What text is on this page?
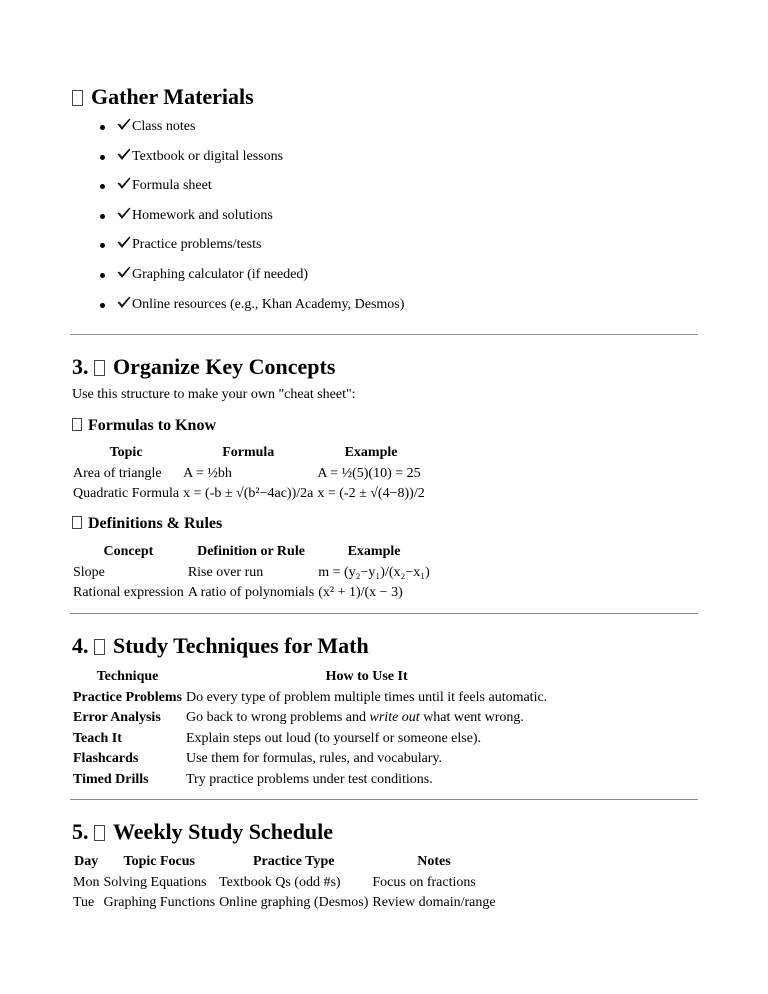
Gather Materials
Class notes
Textbook or digital lessons
Formula sheet
Homework and solutions
Practice problems/tests
Graphing calculator (if needed)
Online resources (e.g., Khan Academy, Desmos)
3. Organize Key Concepts
Use this structure to make your own "cheat sheet":
Formulas to Know
Topic	Formula	Example
Area of triangle	A = ½bh	A = ½(5)(10) = 25
Quadratic Formula	x = (-b ± √(b²−4ac))/2a	x = (-2 ± √(4−8))/2
Definitions & Rules
Concept	Definition or Rule	Example
Slope	Rise over run	m = (y₂−y₁)/(x₂−x₁)
Rational expression	A ratio of polynomials	(x² + 1)/(x − 3)
4. Study Techniques for Math
Technique	How to Use It
Practice Problems	Do every type of problem multiple times until it feels automatic.
Error Analysis	Go back to wrong problems and write out what went wrong.
Teach It	Explain steps out loud (to yourself or someone else).
Flashcards	Use them for formulas, rules, and vocabulary.
Timed Drills	Try practice problems under test conditions.
5. Weekly Study Schedule
Day	Topic Focus	Practice Type	Notes
Mon	Solving Equations	Textbook Qs (odd #s)	Focus on fractions
Tue	Graphing Functions	Online graphing (Desmos)	Review domain/range
